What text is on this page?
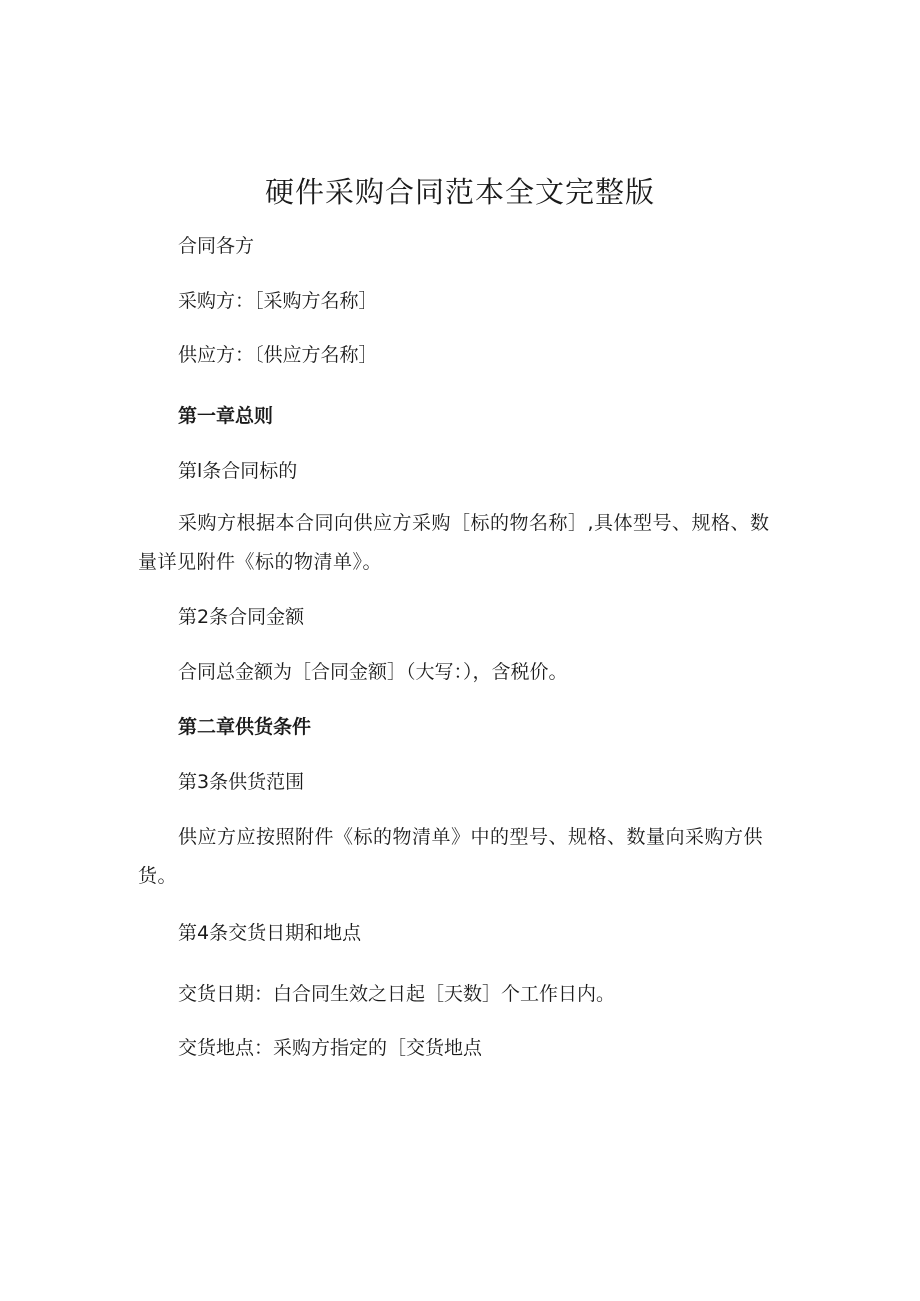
硬件采购合同范本全文完整版

合同各方

采购方：［采购方名称］

供应方：〔供应方名称］

第一章总则

第l条合同标的

采购方根据本合同向供应方采购［标的物名称］,具体型号、规格、数量详见附件《标的物清单》。

第2条合同金额

合同总金额为［合同金额］（大写：），含税价。

第二章供货条件

第3条供货范围

供应方应按照附件《标的物清单》中的型号、规格、数量向采购方供货。

第4条交货日期和地点

交货日期：白合同生效之日起［天数］个工作日内。

交货地点：采购方指定的［交货地点
